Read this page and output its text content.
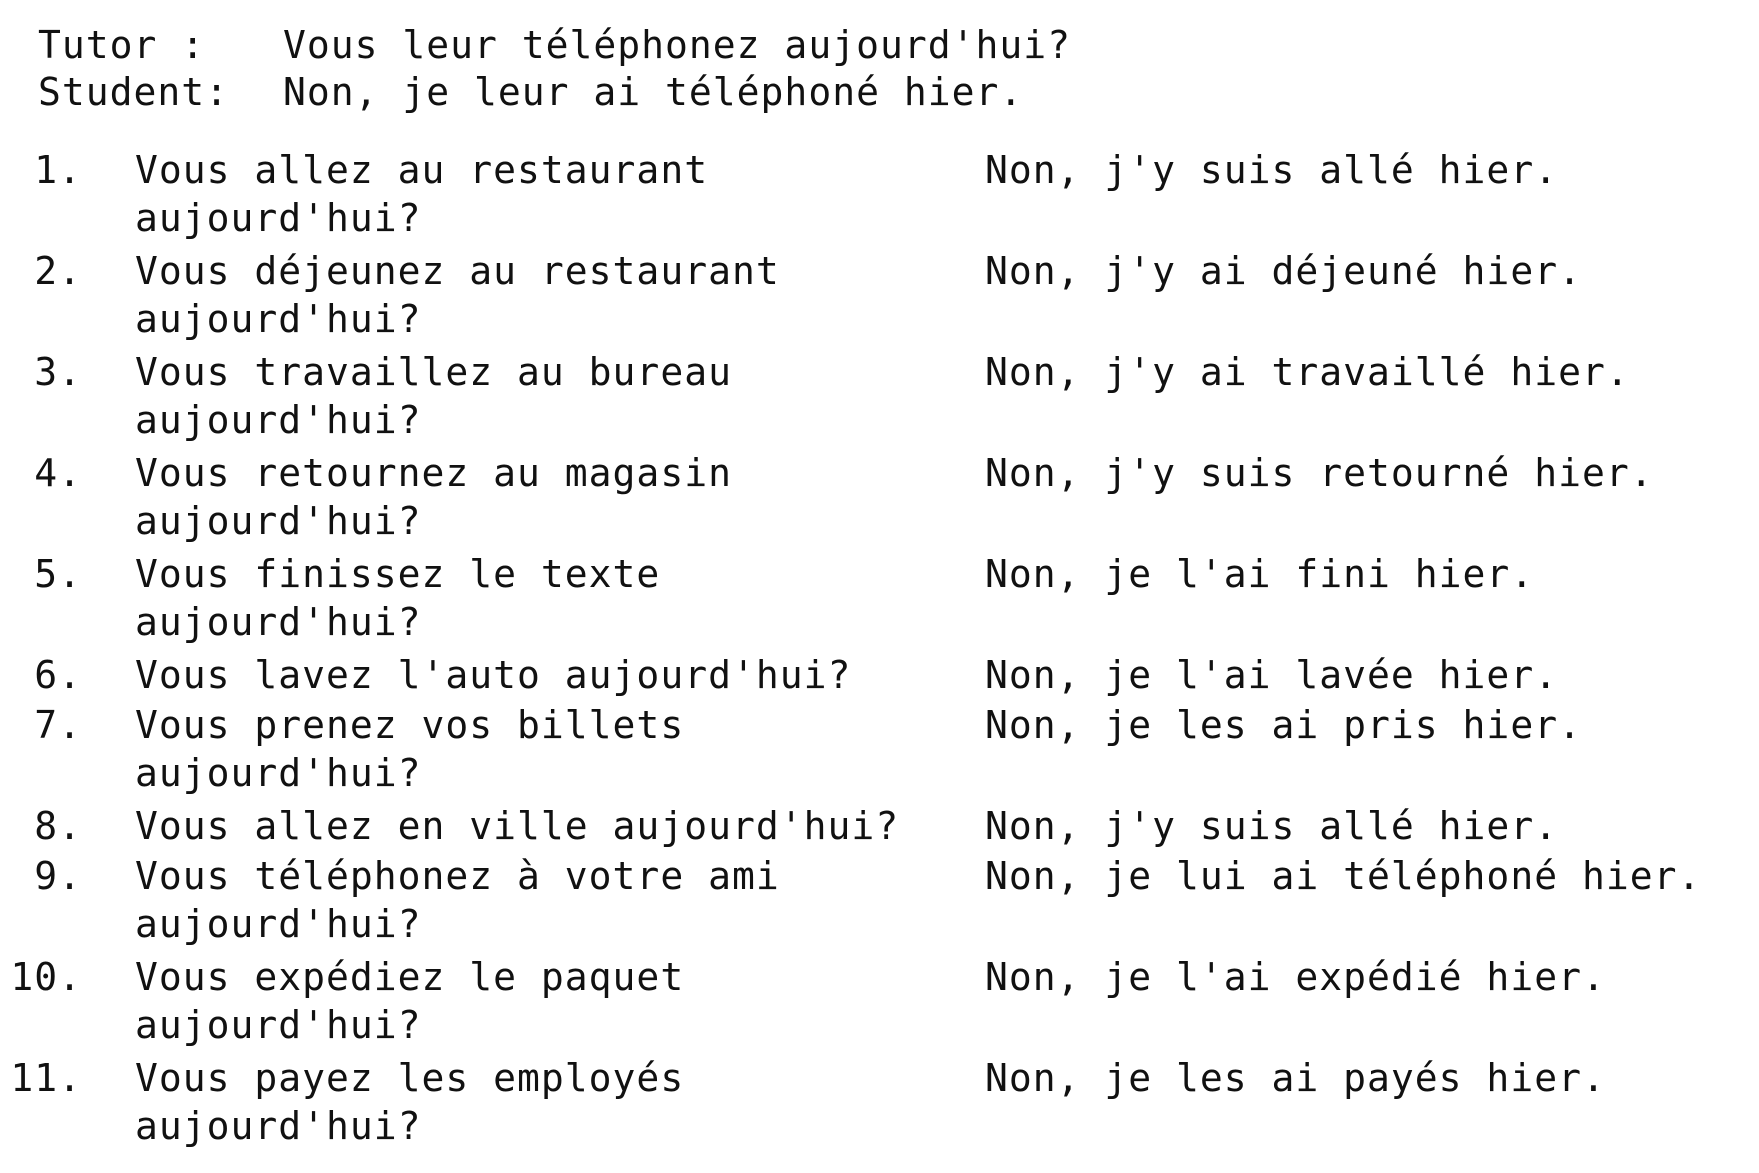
Tutor : Vous leur téléphonez aujourd'hui?
Student: Non, je leur ai téléphoné hier.
1. Vous allez au restaurant
aujourd'hui?
Non, j'y suis allé hier.
2. Vous déjeunez au restaurant
aujourd'hui?
Non, j'y ai déjeuné hier.
3. Vous travaillez au bureau
aujourd'hui?
Non, j'y ai travaillé hier.
4. Vous retournez au magasin
aujourd'hui?
Non, j'y suis retourné hier.
5. Vous finissez le texte
aujourd'hui?
Non, je l'ai fini hier.
6. Vous lavez l'auto aujourd'hui?	Non, je l'ai lavée hier.
7. Vous prenez vos billets
aujourd'hui?
Non, je les ai pris hier.
8. Vous allez en ville aujourd'hui?	Non, j'y suis allé hier.
9. Vous téléphonez à votre ami
aujourd'hui?
Non, je lui ai téléphoné hier.
10. Vous expédiez le paquet
aujourd'hui?
Non, je l'ai expédié hier.
11. Vous payez les employés
aujourd'hui?
Non, je les ai payés hier.
